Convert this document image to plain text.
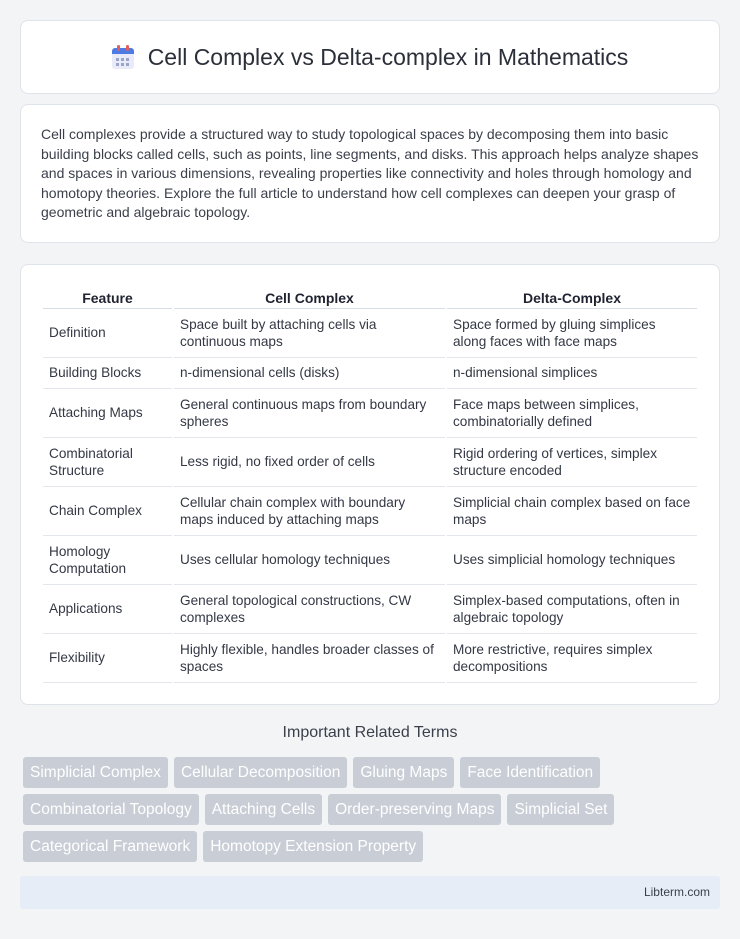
Cell Complex vs Delta-complex in Mathematics

Cell complexes provide a structured way to study topological spaces by decomposing them into basic building blocks called cells, such as points, line segments, and disks. This approach helps analyze shapes and spaces in various dimensions, revealing properties like connectivity and holes through homology and homotopy theories. Explore the full article to understand how cell complexes can deepen your grasp of geometric and algebraic topology.

Feature	Cell Complex	Delta-Complex
Definition	Space built by attaching cells via continuous maps	Space formed by gluing simplices along faces with face maps
Building Blocks	n-dimensional cells (disks)	n-dimensional simplices
Attaching Maps	General continuous maps from boundary spheres	Face maps between simplices, combinatorially defined
Combinatorial Structure	Less rigid, no fixed order of cells	Rigid ordering of vertices, simplex structure encoded
Chain Complex	Cellular chain complex with boundary maps induced by attaching maps	Simplicial chain complex based on face maps
Homology Computation	Uses cellular homology techniques	Uses simplicial homology techniques
Applications	General topological constructions, CW complexes	Simplex-based computations, often in algebraic topology
Flexibility	Highly flexible, handles broader classes of spaces	More restrictive, requires simplex decompositions
Important Related Terms
Simplicial Complex	Cellular Decomposition	Gluing Maps	Face Identification
Combinatorial Topology	Attaching Cells	Order-preserving Maps	Simplicial Set
Categorical Framework	Homotopy Extension Property
Libterm.com
